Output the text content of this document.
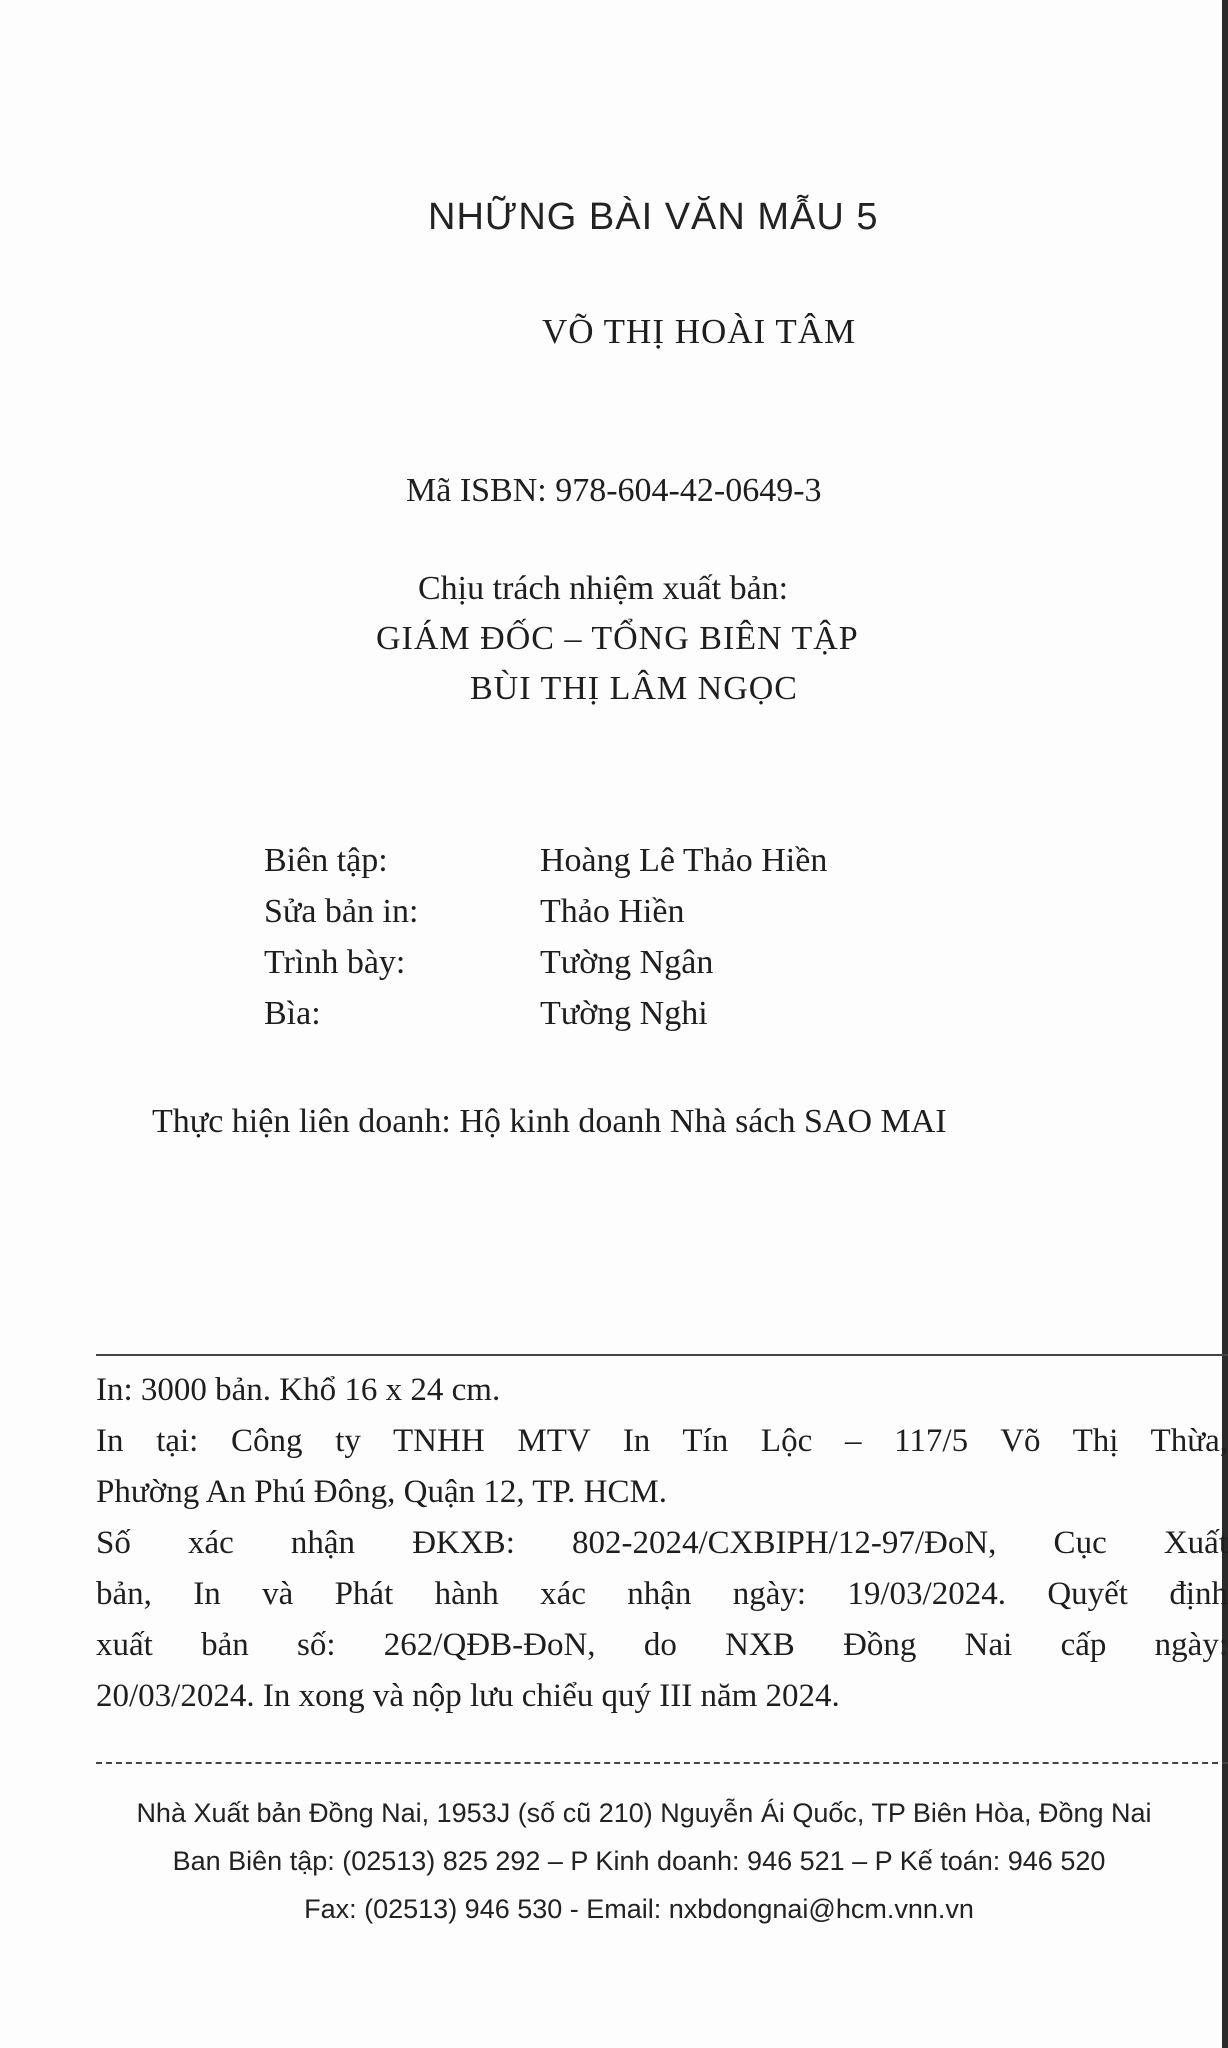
NHỮNG BÀI VĂN MẪU 5
VÕ THỊ HOÀI TÂM
Mã ISBN: 978-604-42-0649-3
Chịu trách nhiệm xuất bản:
GIÁM ĐỐC – TỔNG BIÊN TẬP
BÙI THỊ LÂM NGỌC
Biên tập:	Hoàng Lê Thảo Hiền
Sửa bản in:	Thảo Hiền
Trình bày:	Tường Ngân
Bìa:	Tường Nghi
Thực hiện liên doanh: Hộ kinh doanh Nhà sách SAO MAI
In: 3000 bản. Khổ 16 x 24 cm.
In tại: Công ty TNHH MTV In Tín Lộc – 117/5 Võ Thị Thừa,
Phường An Phú Đông, Quận 12, TP. HCM.
Số xác nhận ĐKXB: 802-2024/CXBIPH/12-97/ĐoN, Cục Xuất
bản, In và Phát hành xác nhận ngày: 19/03/2024. Quyết định
xuất bản số: 262/QĐB-ĐoN, do NXB Đồng Nai cấp ngày:
20/03/2024. In xong và nộp lưu chiểu quý III năm 2024.
Nhà Xuất bản Đồng Nai, 1953J (số cũ 210) Nguyễn Ái Quốc, TP Biên Hòa, Đồng Nai
Ban Biên tập: (02513) 825 292 – P Kinh doanh: 946 521 – P Kế toán: 946 520
Fax: (02513) 946 530 - Email: nxbdongnai@hcm.vnn.vn
